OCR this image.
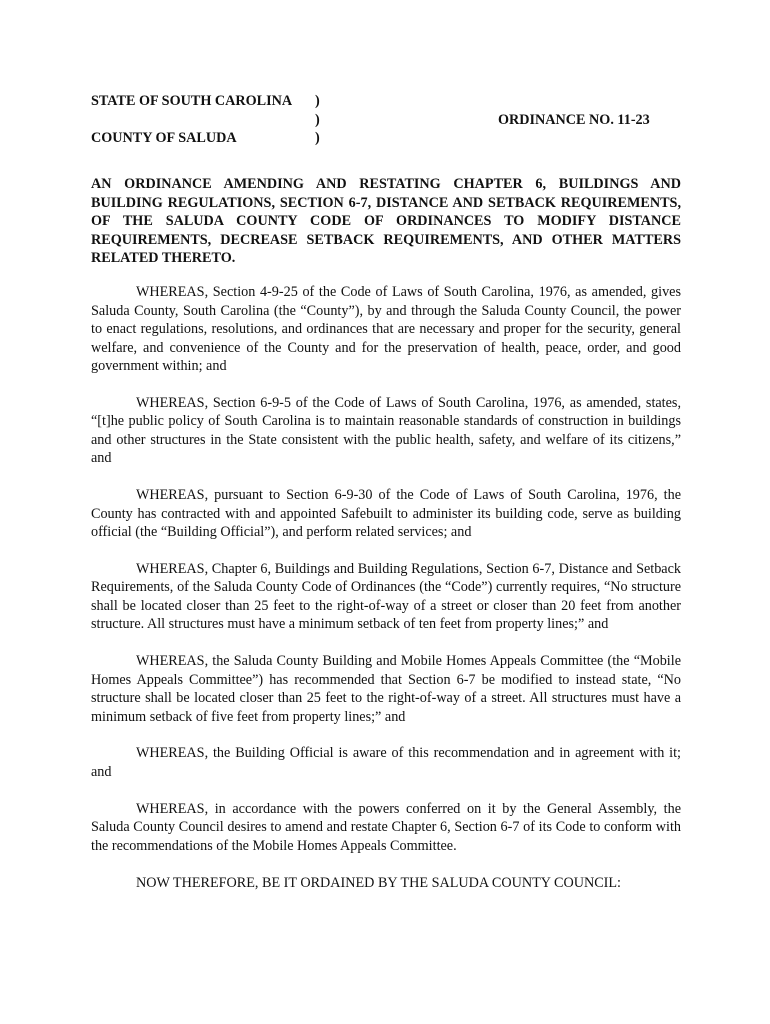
STATE OF SOUTH CAROLINA
COUNTY OF SALUDA
)
)
)
ORDINANCE NO. 11-23
AN ORDINANCE AMENDING AND RESTATING CHAPTER 6, BUILDINGS AND BUILDING REGULATIONS, SECTION 6-7, DISTANCE AND SETBACK REQUIREMENTS, OF THE SALUDA COUNTY CODE OF ORDINANCES TO MODIFY DISTANCE REQUIREMENTS, DECREASE SETBACK REQUIREMENTS, AND OTHER MATTERS RELATED THERETO.

WHEREAS, Section 4-9-25 of the Code of Laws of South Carolina, 1976, as amended, gives Saluda County, South Carolina (the “County”), by and through the Saluda County Council, the power to enact regulations, resolutions, and ordinances that are necessary and proper for the security, general welfare, and convenience of the County and for the preservation of health, peace, order, and good government within; and

WHEREAS, Section 6-9-5 of the Code of Laws of South Carolina, 1976, as amended, states, “[t]he public policy of South Carolina is to maintain reasonable standards of construction in buildings and other structures in the State consistent with the public health, safety, and welfare of its citizens,” and

WHEREAS, pursuant to Section 6-9-30 of the Code of Laws of South Carolina, 1976, the County has contracted with and appointed Safebuilt to administer its building code, serve as building official (the “Building Official”), and perform related services; and

WHEREAS, Chapter 6, Buildings and Building Regulations, Section 6-7, Distance and Setback Requirements, of the Saluda County Code of Ordinances (the “Code”) currently requires, “No structure shall be located closer than 25 feet to the right-of-way of a street or closer than 20 feet from another structure. All structures must have a minimum setback of ten feet from property lines;” and

WHEREAS, the Saluda County Building and Mobile Homes Appeals Committee (the “Mobile Homes Appeals Committee”) has recommended that Section 6-7 be modified to instead state, “No structure shall be located closer than 25 feet to the right-of-way of a street. All structures must have a minimum setback of five feet from property lines;” and

WHEREAS, the Building Official is aware of this recommendation and in agreement with it; and

WHEREAS, in accordance with the powers conferred on it by the General Assembly, the Saluda County Council desires to amend and restate Chapter 6, Section 6-7 of its Code to conform with the recommendations of the Mobile Homes Appeals Committee.

NOW THEREFORE, BE IT ORDAINED BY THE SALUDA COUNTY COUNCIL:
